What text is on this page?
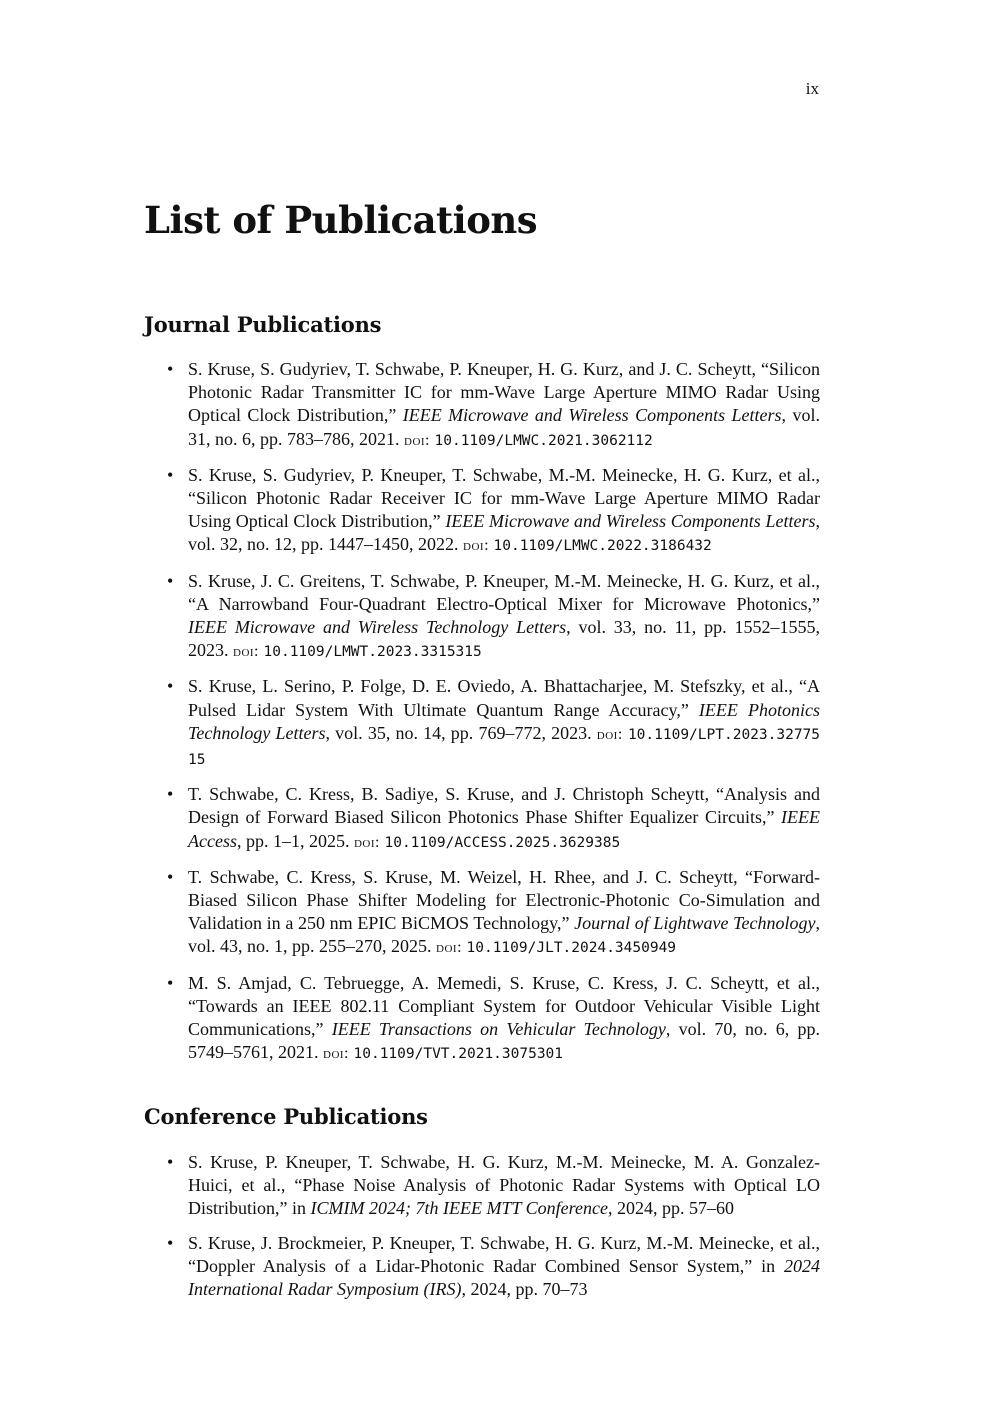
ix
List of Publications
Journal Publications
• S. Kruse, S. Gudyriev, T. Schwabe, P. Kneuper, H. G. Kurz, and J. C. Scheytt, “Silicon Photonic Radar Transmitter IC for mm-Wave Large Aperture MIMO Radar Using Optical Clock Distribution,” IEEE Microwave and Wireless Components Letters, vol. 31, no. 6, pp. 783–786, 2021. doi: 10.1109/LMWC.2021.3062112
• S. Kruse, S. Gudyriev, P. Kneuper, T. Schwabe, M.-M. Meinecke, H. G. Kurz, et al., “Silicon Photonic Radar Receiver IC for mm-Wave Large Aperture MIMO Radar Using Optical Clock Distribution,” IEEE Microwave and Wireless Components Letters, vol. 32, no. 12, pp. 1447–1450, 2022. doi: 10.1109/LMWC.2022.3186432
• S. Kruse, J. C. Greitens, T. Schwabe, P. Kneuper, M.-M. Meinecke, H. G. Kurz, et al., “A Narrowband Four-Quadrant Electro-Optical Mixer for Microwave Photonics,” IEEE Microwave and Wireless Technology Letters, vol. 33, no. 11, pp. 1552–1555, 2023. doi: 10.1109/LMWT.2023.3315315
• S. Kruse, L. Serino, P. Folge, D. E. Oviedo, A. Bhattacharjee, M. Stefszky, et al., “A Pulsed Lidar System With Ultimate Quantum Range Accuracy,” IEEE Photonics Technology Letters, vol. 35, no. 14, pp. 769–772, 2023. doi: 10.1109/LPT.2023.3277515
• T. Schwabe, C. Kress, B. Sadiye, S. Kruse, and J. Christoph Scheytt, “Analysis and Design of Forward Biased Silicon Photonics Phase Shifter Equalizer Circuits,” IEEE Access, pp. 1–1, 2025. doi: 10.1109/ACCESS.2025.3629385
• T. Schwabe, C. Kress, S. Kruse, M. Weizel, H. Rhee, and J. C. Scheytt, “Forward-Biased Silicon Phase Shifter Modeling for Electronic-Photonic Co-Simulation and Validation in a 250 nm EPIC BiCMOS Technology,” Journal of Lightwave Technology, vol. 43, no. 1, pp. 255–270, 2025. doi: 10.1109/JLT.2024.3450949
• M. S. Amjad, C. Tebruegge, A. Memedi, S. Kruse, C. Kress, J. C. Scheytt, et al., “Towards an IEEE 802.11 Compliant System for Outdoor Vehicular Visible Light Communications,” IEEE Transactions on Vehicular Technology, vol. 70, no. 6, pp. 5749–5761, 2021. doi: 10.1109/TVT.2021.3075301
Conference Publications
• S. Kruse, P. Kneuper, T. Schwabe, H. G. Kurz, M.-M. Meinecke, M. A. Gonzalez-Huici, et al., “Phase Noise Analysis of Photonic Radar Systems with Optical LO Distribution,” in ICMIM 2024; 7th IEEE MTT Conference, 2024, pp. 57–60
• S. Kruse, J. Brockmeier, P. Kneuper, T. Schwabe, H. G. Kurz, M.-M. Meinecke, et al., “Doppler Analysis of a Lidar-Photonic Radar Combined Sensor System,” in 2024 International Radar Symposium (IRS), 2024, pp. 70–73
